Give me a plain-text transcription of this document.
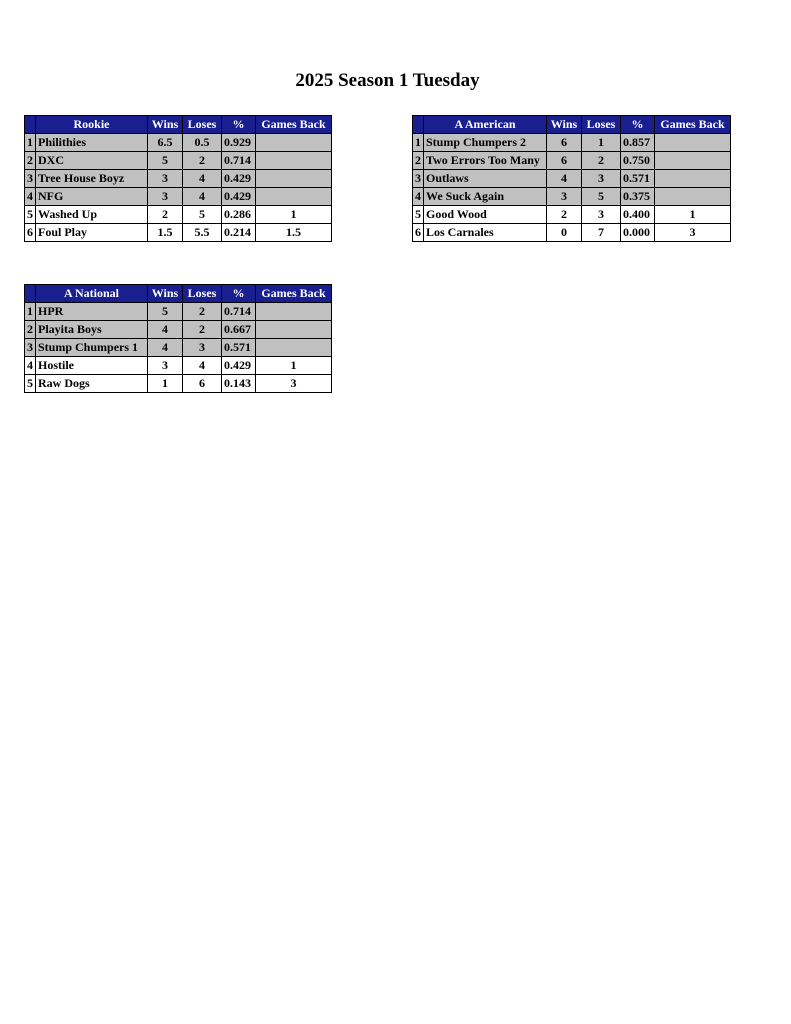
2025 Season 1 Tuesday
	Rookie	Wins	Loses	%	Games Back
1	Philithies	6.5	0.5	0.929	
2	DXC	5	2	0.714	
3	Tree House Boyz	3	4	0.429	
4	NFG	3	4	0.429	
5	Washed Up	2	5	0.286	1
6	Foul Play	1.5	5.5	0.214	1.5
	A American	Wins	Loses	%	Games Back
1	Stump Chumpers 2	6	1	0.857	
2	Two Errors Too Many	6	2	0.750	
3	Outlaws	4	3	0.571	
4	We Suck Again	3	5	0.375	
5	Good Wood	2	3	0.400	1
6	Los Carnales	0	7	0.000	3
	A National	Wins	Loses	%	Games Back
1	HPR	5	2	0.714	
2	Playita Boys	4	2	0.667	
3	Stump Chumpers 1	4	3	0.571	
4	Hostile	3	4	0.429	1
5	Raw Dogs	1	6	0.143	3
